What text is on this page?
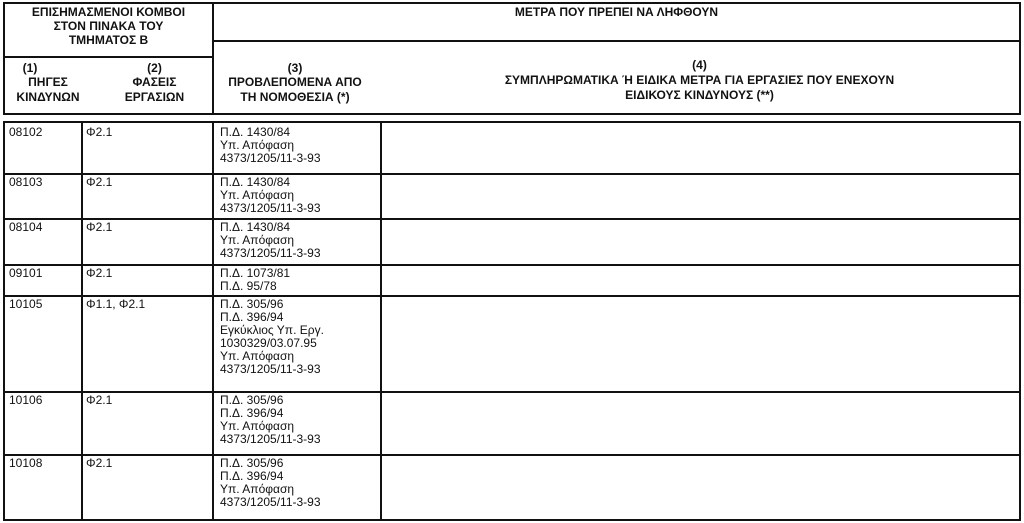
ΕΠΙΣΗΜΑΣΜΕΝΟΙ ΚΟΜΒΟΙ
ΣΤΟΝ ΠΙΝΑΚΑ ΤΟΥ
ΤΜΗΜΑΤΟΣ Β
ΜΕΤΡΑ ΠΟΥ ΠΡΕΠΕΙ ΝΑ ΛΗΦΘΟΥΝ
(1)
ΠΗΓΕΣ
ΚΙΝΔΥΝΩΝ
(2)
ΦΑΣΕΙΣ
ΕΡΓΑΣΙΩΝ
(3)
ΠΡΟΒΛΕΠΟΜΕΝΑ ΑΠΟ
ΤΗ ΝΟΜΟΘΕΣΙΑ (*)
(4)
ΣΥΜΠΛΗΡΩΜΑΤΙΚΑ Ή ΕΙΔΙΚΑ ΜΕΤΡΑ ΓΙΑ ΕΡΓΑΣΙΕΣ ΠΟΥ ΕΝΕΧΟΥΝ
ΕΙΔΙΚΟΥΣ ΚΙΝΔΥΝΟΥΣ (**)
08102	Φ2.1	Π.Δ. 1430/84
Υπ. Απόφαση
4373/1205/11-3-93
08103	Φ2.1	Π.Δ. 1430/84
Υπ. Απόφαση
4373/1205/11-3-93
08104	Φ2.1	Π.Δ. 1430/84
Υπ. Απόφαση
4373/1205/11-3-93
09101	Φ2.1	Π.Δ. 1073/81
Π.Δ. 95/78
10105	Φ1.1, Φ2.1	Π.Δ. 305/96
Π.Δ. 396/94
Εγκύκλιος Υπ. Εργ.
1030329/03.07.95
Υπ. Απόφαση
4373/1205/11-3-93
10106	Φ2.1	Π.Δ. 305/96
Π.Δ. 396/94
Υπ. Απόφαση
4373/1205/11-3-93
10108	Φ2.1	Π.Δ. 305/96
Π.Δ. 396/94
Υπ. Απόφαση
4373/1205/11-3-93
